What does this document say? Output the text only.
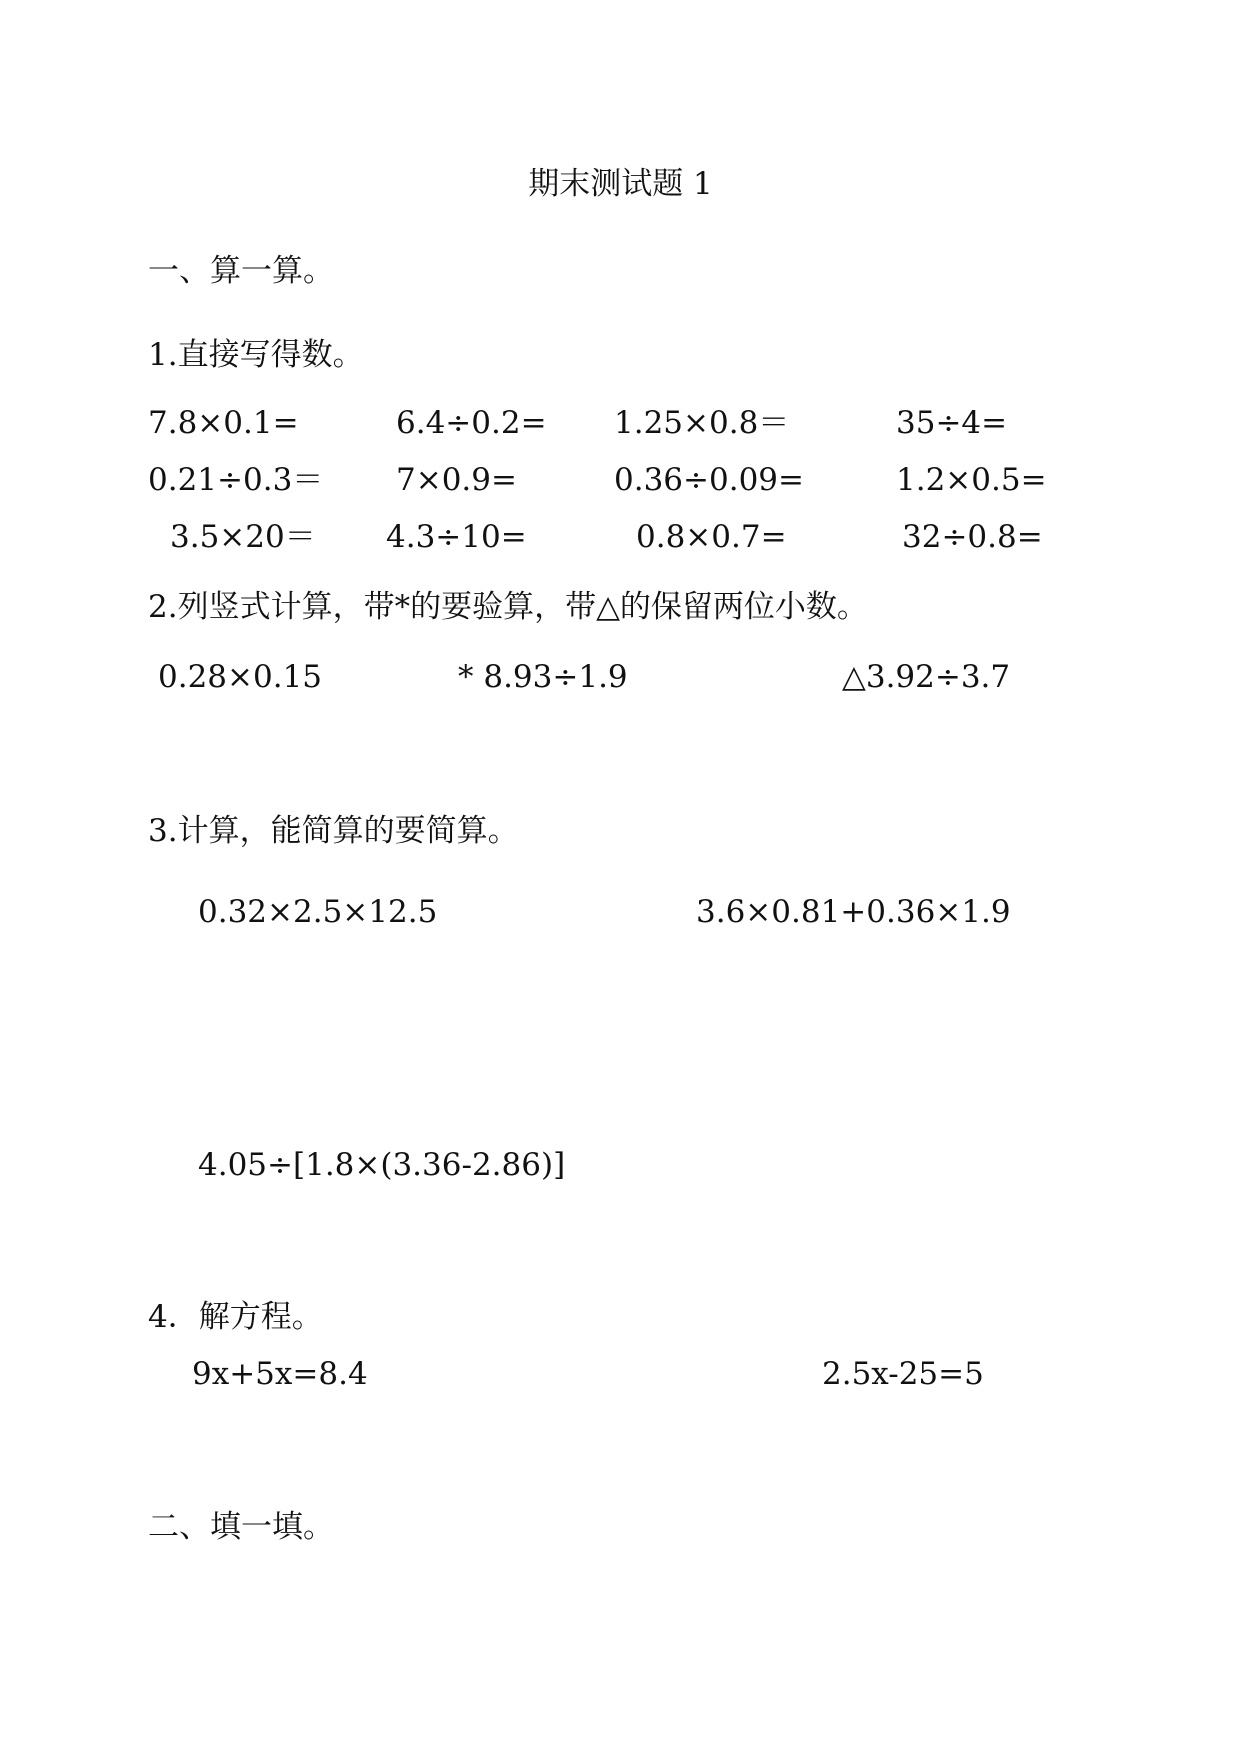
期末测试题 1
一、算一算。
1.直接写得数。
7.8×0.1=	6.4÷0.2= 1.25×0.8＝	35÷4=
0.21÷0.3＝ 7×0.9=	0.36÷0.09=	1.2×0.5=
3.5×20＝ 4.3÷10=	0.8×0.7=	32÷0.8=
2.列竖式计算，带*的要验算，带△的保留两位小数。
0.28×0.15	* 8.93÷1.9	△3.92÷3.7
3.计算，能简算的要简算。
0.32×2.5×12.5	3.6×0.81+0.36×1.9
4.05÷[1.8×(3.36-2.86)]
4．解方程。
9x+5x=8.4	2.5x-25=5
二、填一填。
